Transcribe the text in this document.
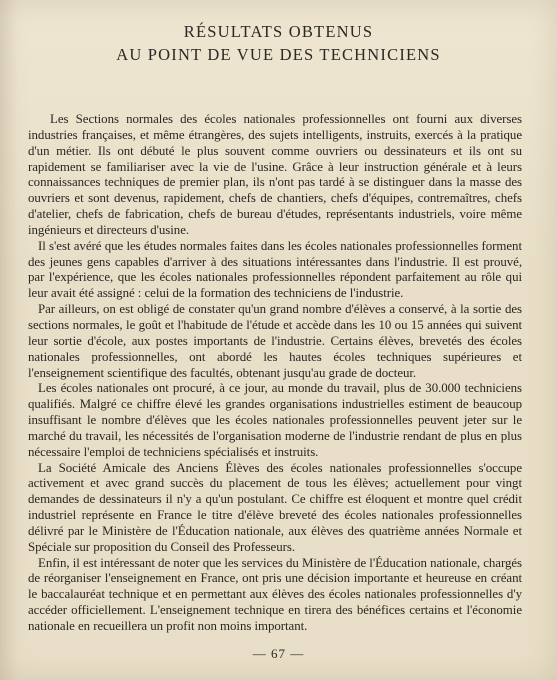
RÉSULTATS OBTENUS
AU POINT DE VUE DES TECHNICIENS

Les Sections normales des écoles nationales professionnelles ont fourni aux diverses industries françaises, et même étrangères, des sujets intelligents, instruits, exercés à la pratique d'un métier. Ils ont débuté le plus souvent comme ouvriers ou dessinateurs et ils ont su rapidement se familiariser avec la vie de l'usine. Grâce à leur instruction générale et à leurs connaissances techniques de premier plan, ils n'ont pas tardé à se distinguer dans la masse des ouvriers et sont devenus, rapidement, chefs de chantiers, chefs d'équipes, contremaîtres, chefs d'atelier, chefs de fabrication, chefs de bureau d'études, représentants industriels, voire même ingénieurs et directeurs d'usine.

Il s'est avéré que les études normales faites dans les écoles nationales professionnelles forment des jeunes gens capables d'arriver à des situations intéressantes dans l'industrie. Il est prouvé, par l'expérience, que les écoles nationales professionnelles répondent parfaitement au rôle qui leur avait été assigné : celui de la formation des techniciens de l'industrie.

Par ailleurs, on est obligé de constater qu'un grand nombre d'élèves a conservé, à la sortie des sections normales, le goût et l'habitude de l'étude et accède dans les 10 ou 15 années qui suivent leur sortie d'école, aux postes importants de l'industrie. Certains élèves, brevetés des écoles nationales professionnelles, ont abordé les hautes écoles techniques supérieures et l'enseignement scientifique des facultés, obtenant jusqu'au grade de docteur.

Les écoles nationales ont procuré, à ce jour, au monde du travail, plus de 30.000 techniciens qualifiés. Malgré ce chiffre élevé les grandes organisations industrielles estiment de beaucoup insuffisant le nombre d'élèves que les écoles nationales professionnelles peuvent jeter sur le marché du travail, les nécessités de l'organisation moderne de l'industrie rendant de plus en plus nécessaire l'emploi de techniciens spécialisés et instruits.

La Société Amicale des Anciens Élèves des écoles nationales professionnelles s'occupe activement et avec grand succès du placement de tous les élèves; actuellement pour vingt demandes de dessinateurs il n'y a qu'un postulant. Ce chiffre est éloquent et montre quel crédit industriel représente en France le titre d'élève breveté des écoles nationales professionnelles délivré par le Ministère de l'Éducation nationale, aux élèves des quatrième années Normale et Spéciale sur proposition du Conseil des Professeurs.

Enfin, il est intéressant de noter que les services du Ministère de l'Éducation nationale, chargés de réorganiser l'enseignement en France, ont pris une décision importante et heureuse en créant le baccalauréat technique et en permettant aux élèves des écoles nationales professionnelles d'y accéder officiellement. L'enseignement technique en tirera des bénéfices certains et l'économie nationale en recueillera un profit non moins important.

— 67 —
